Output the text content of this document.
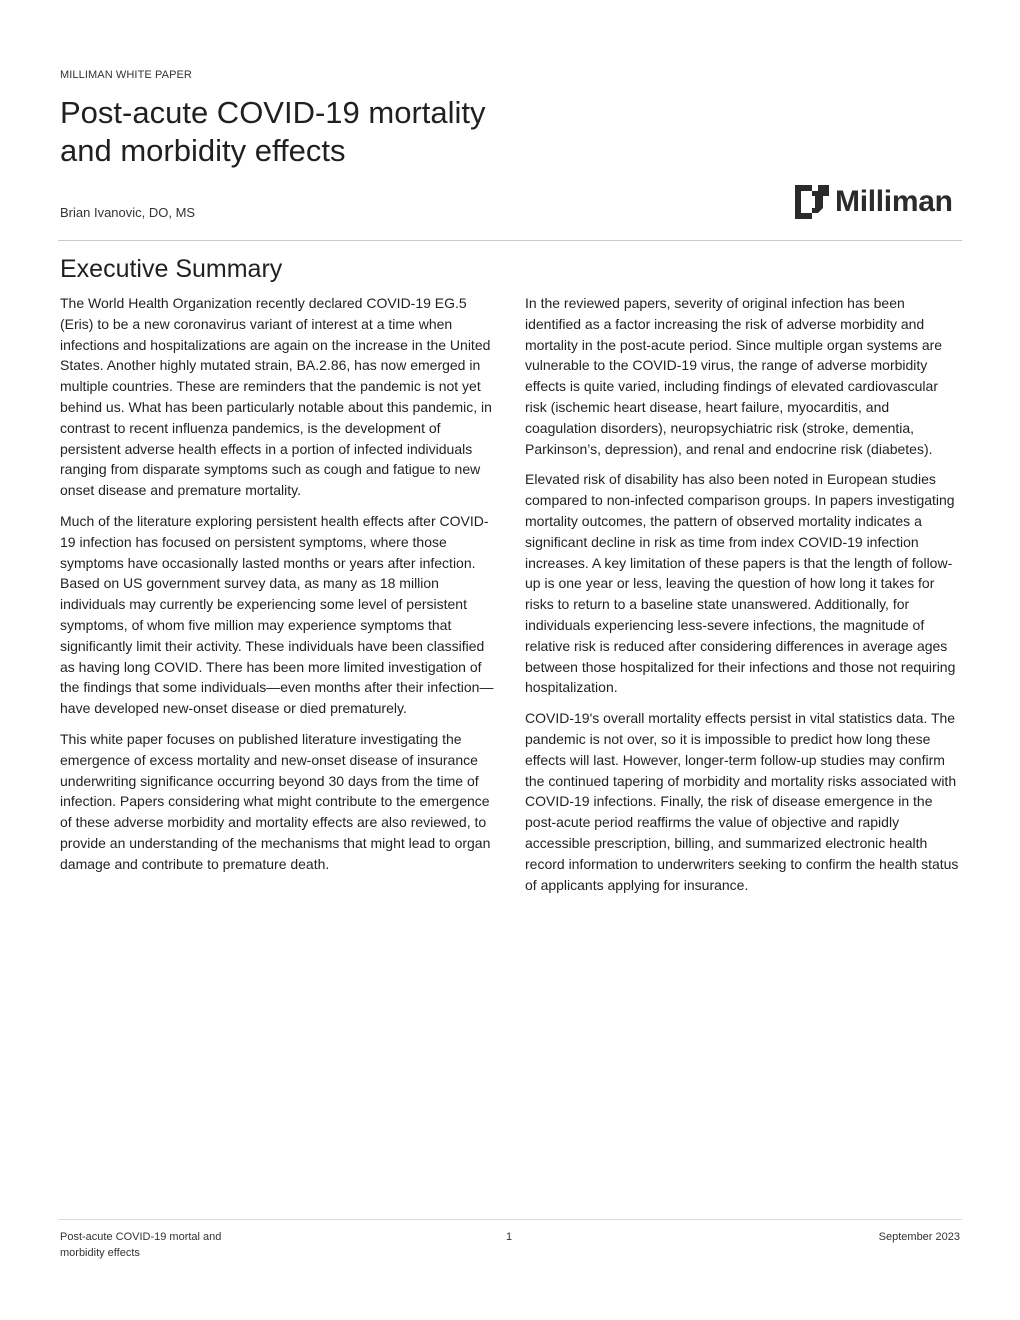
MILLIMAN WHITE PAPER
Post-acute COVID-19 mortality
and morbidity effects
Brian Ivanovic, DO, MS	Milliman
Executive Summary

The World Health Organization recently declared COVID-19 EG.5 (Eris) to be a new coronavirus variant of interest at a time when infections and hospitalizations are again on the increase in the United States. Another highly mutated strain, BA.2.86, has now emerged in multiple countries. These are reminders that the pandemic is not yet behind us. What has been particularly notable about this pandemic, in contrast to recent influenza pandemics, is the development of persistent adverse health effects in a portion of infected individuals ranging from disparate symptoms such as cough and fatigue to new onset disease and premature mortality.

Much of the literature exploring persistent health effects after COVID-19 infection has focused on persistent symptoms, where those symptoms have occasionally lasted months or years after infection. Based on US government survey data, as many as 18 million individuals may currently be experiencing some level of persistent symptoms, of whom five million may experience symptoms that significantly limit their activity. These individuals have been classified as having long COVID. There has been more limited investigation of the findings that some individuals—even months after their infection—have developed new-onset disease or died prematurely.

This white paper focuses on published literature investigating the emergence of excess mortality and new-onset disease of insurance underwriting significance occurring beyond 30 days from the time of infection. Papers considering what might contribute to the emergence of these adverse morbidity and mortality effects are also reviewed, to provide an understanding of the mechanisms that might lead to organ damage and contribute to premature death.

In the reviewed papers, severity of original infection has been identified as a factor increasing the risk of adverse morbidity and mortality in the post-acute period. Since multiple organ systems are vulnerable to the COVID-19 virus, the range of adverse morbidity effects is quite varied, including findings of elevated cardiovascular risk (ischemic heart disease, heart failure, myocarditis, and coagulation disorders), neuropsychiatric risk (stroke, dementia, Parkinson’s, depression), and renal and endocrine risk (diabetes).

Elevated risk of disability has also been noted in European studies compared to non-infected comparison groups. In papers investigating mortality outcomes, the pattern of observed mortality indicates a significant decline in risk as time from index COVID-19 infection increases. A key limitation of these papers is that the length of follow-up is one year or less, leaving the question of how long it takes for risks to return to a baseline state unanswered. Additionally, for individuals experiencing less-severe infections, the magnitude of relative risk is reduced after considering differences in average ages between those hospitalized for their infections and those not requiring hospitalization.

COVID-19's overall mortality effects persist in vital statistics data. The pandemic is not over, so it is impossible to predict how long these effects will last. However, longer-term follow-up studies may confirm the continued tapering of morbidity and mortality risks associated with COVID-19 infections. Finally, the risk of disease emergence in the post-acute period reaffirms the value of objective and rapidly accessible prescription, billing, and summarized electronic health record information to underwriters seeking to confirm the health status of applicants applying for insurance.

Post-acute COVID-19 mortal and morbidity effects
1	September 2023
